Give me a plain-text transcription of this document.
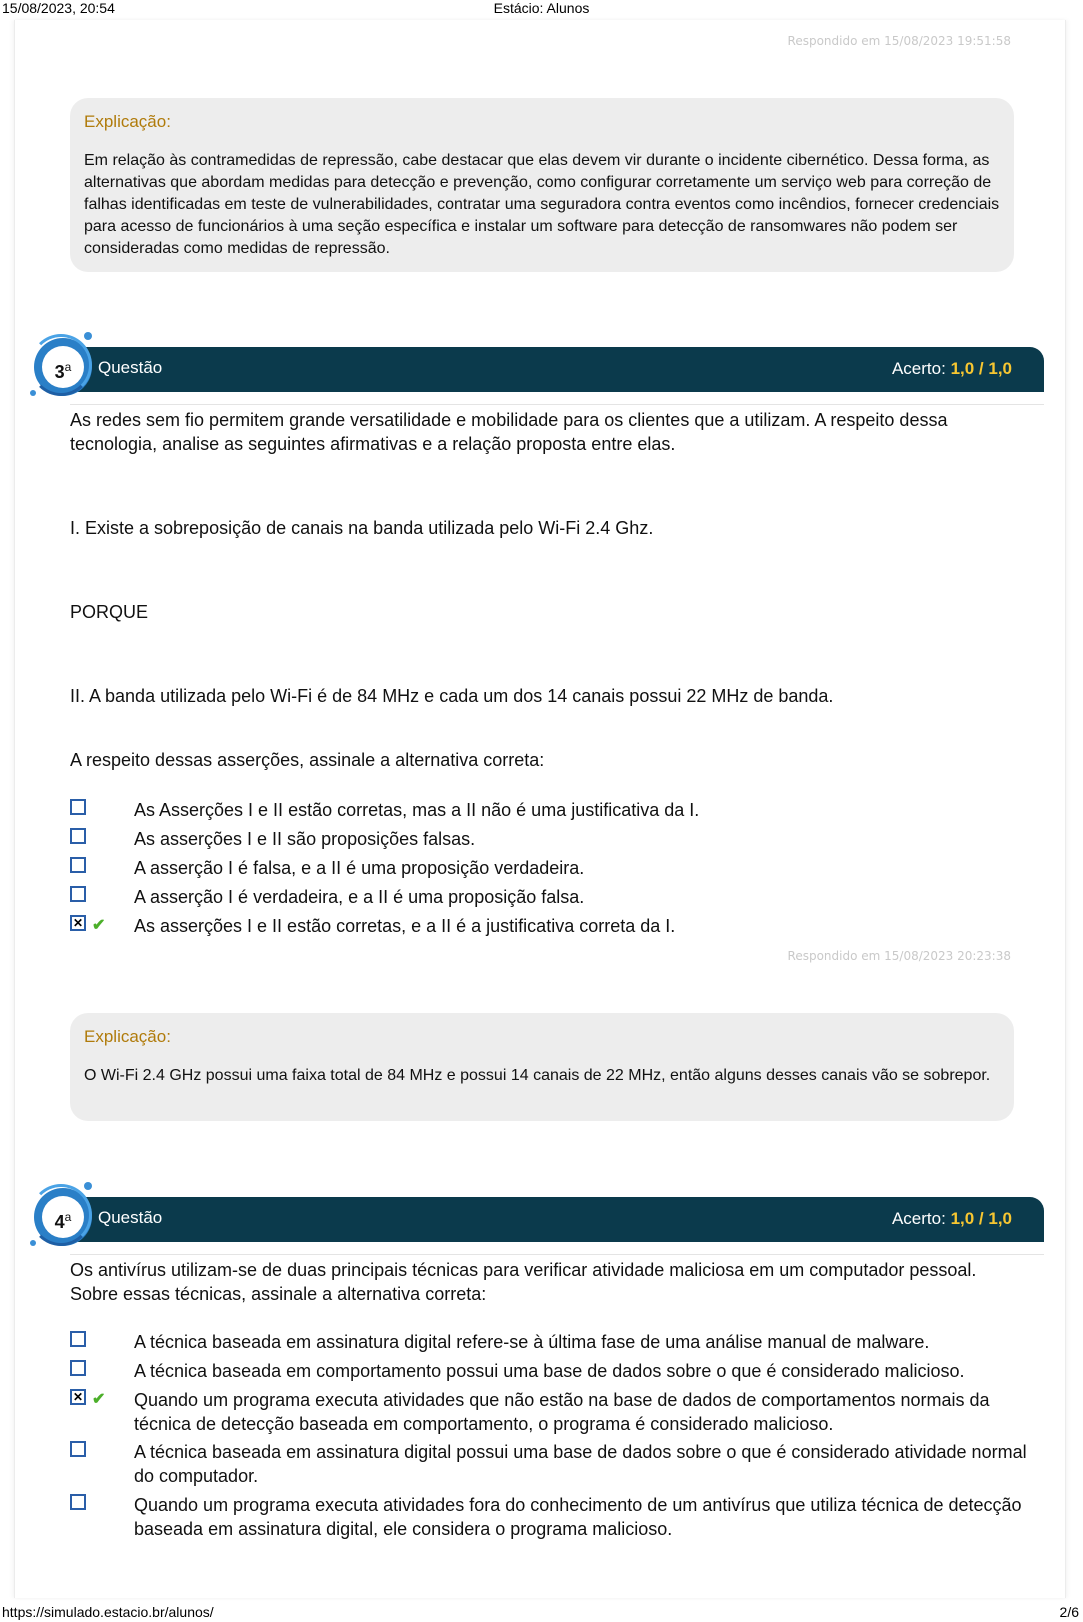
15/08/2023, 20:54	Estácio: Alunos
Respondido em 15/08/2023 19:51:58
Explicação:
Em relação às contramedidas de repressão, cabe destacar que elas devem vir durante o incidente cibernético. Dessa forma, as alternativas que abordam medidas para detecção e prevenção, como configurar corretamente um serviço web para correção de falhas identificadas em teste de vulnerabilidades, contratar uma seguradora contra eventos como incêndios, fornecer credenciais para acesso de funcionários à uma seção específica e instalar um software para detecção de ransomwares não podem ser consideradas como medidas de repressão.
Questão	Acerto: 1,0 / 1,0
3$^a$
As redes sem fio permitem grande versatilidade e mobilidade para os clientes que a utilizam. A respeito dessa tecnologia, analise as seguintes afirmativas e a relação proposta entre elas.
I. Existe a sobreposição de canais na banda utilizada pelo Wi-Fi 2.4 Ghz.
PORQUE
II. A banda utilizada pelo Wi-Fi é de 84 MHz e cada um dos 14 canais possui 22 MHz de banda.
A respeito dessas asserções, assinale a alternativa correta:
As Asserções I e II estão corretas, mas a II não é uma justificativa da I.
As asserções I e II são proposições falsas.
A asserção I é falsa, e a II é uma proposição verdadeira.
A asserção I é verdadeira, e a II é uma proposição falsa.
✕ ✔ As asserções I e II estão corretas, e a II é a justificativa correta da I.
Respondido em 15/08/2023 20:23:38
Explicação:
O Wi-Fi 2.4 GHz possui uma faixa total de 84 MHz e possui 14 canais de 22 MHz, então alguns desses canais vão se sobrepor.
Questão	Acerto: 1,0 / 1,0
4$^a$
Os antivírus utilizam-se de duas principais técnicas para verificar atividade maliciosa em um computador pessoal. Sobre essas técnicas, assinale a alternativa correta:
A técnica baseada em assinatura digital refere-se à última fase de uma análise manual de malware.
A técnica baseada em comportamento possui uma base de dados sobre o que é considerado malicioso.
✕ ✔ Quando um programa executa atividades que não estão na base de dados de comportamentos normais da técnica de detecção baseada em comportamento, o programa é considerado malicioso.
A técnica baseada em assinatura digital possui uma base de dados sobre o que é considerado atividade normal do computador.
Quando um programa executa atividades fora do conhecimento de um antivírus que utiliza técnica de detecção baseada em assinatura digital, ele considera o programa malicioso.
https://simulado.estacio.br/alunos/	2/6
